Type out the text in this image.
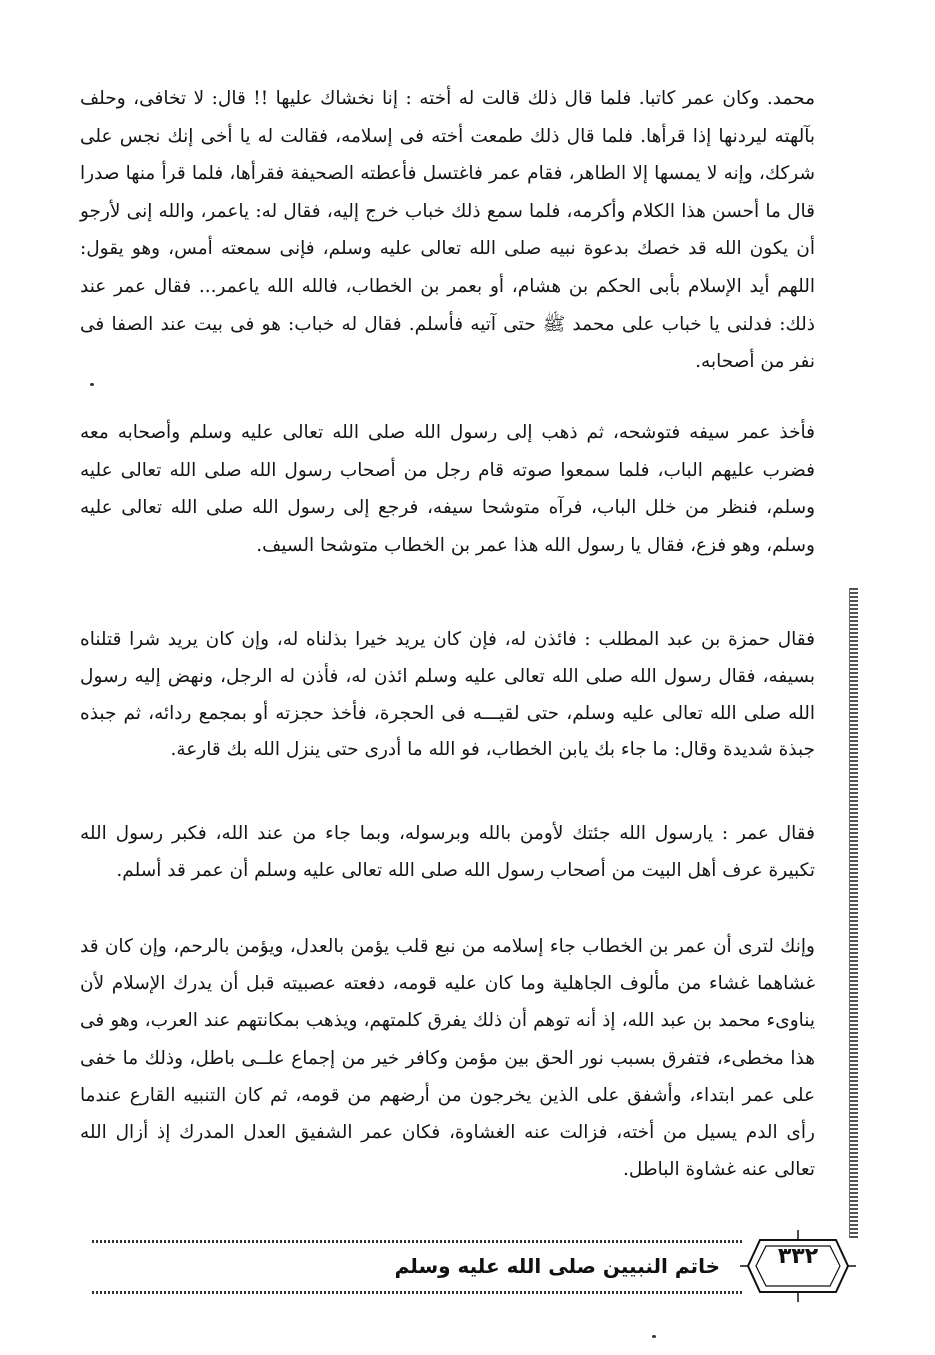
محمد. وكان عمر كاتبا. فلما قال ذلك قالت له أخته : إنا نخشاك عليها !! قال: لا تخافى، وحلف بآلهته ليردنها إذا قرأها. فلما قال ذلك طمعت أخته فى إسلامه، فقالت له يا أخى إنك نجس على شركك، وإنه لا يمسها إلا الطاهر، فقام عمر فاغتسل فأعطته الصحيفة فقرأها، فلما قرأ منها صدرا قال ما أحسن هذا الكلام وأكرمه، فلما سمع ذلك خباب خرج إليه، فقال له: ياعمر، والله إنى لأرجو أن يكون الله قد خصك بدعوة نبيه صلى الله تعالى عليه وسلم، فإنى سمعته أمس، وهو يقول: اللهم أيد الإسلام بأبى الحكم بن هشام، أو بعمر بن الخطاب، فالله الله ياعمر... فقال عمر عند ذلك: فدلنى يا خباب على محمد ﷺ حتى آتيه فأسلم. فقال له خباب: هو فى بيت عند الصفا فى نفر من أصحابه.

فأخذ عمر سيفه فتوشحه، ثم ذهب إلى رسول الله صلى الله تعالى عليه وسلم وأصحابه معه فضرب عليهم الباب، فلما سمعوا صوته قام رجل من أصحاب رسول الله صلى الله تعالى عليه وسلم، فنظر من خلل الباب، فرآه متوشحا سيفه، فرجع إلى رسول الله صلى الله تعالى عليه وسلم، وهو فزع، فقال يا رسول الله هذا عمر بن الخطاب متوشحا السيف.

فقال حمزة بن عبد المطلب : فائذن له، فإن كان يريد خيرا بذلناه له، وإن كان يريد شرا قتلناه بسيفه، فقال رسول الله صلى الله تعالى عليه وسلم ائذن له، فأذن له الرجل، ونهض إليه رسول الله صلى الله تعالى عليه وسلم، حتى لقيـــه فى الحجرة، فأخذ حجزته أو بمجمع ردائه، ثم جبذه جبذة شديدة وقال: ما جاء بك يابن الخطاب، فو الله ما أدرى حتى ينزل الله بك قارعة.

فقال عمر : يارسول الله جئتك لأومن بالله وبرسوله، وبما جاء من عند الله، فكبر رسول الله تكبيرة عرف أهل البيت من أصحاب رسول الله صلى الله تعالى عليه وسلم أن عمر قد أسلم.

وإنك لترى أن عمر بن الخطاب جاء إسلامه من نبع قلب يؤمن بالعدل، ويؤمن بالرحم، وإن كان قد غشاهما غشاء من مألوف الجاهلية وما كان عليه قومه، دفعته عصبيته قبل أن يدرك الإسلام لأن يناوىء محمد بن عبد الله، إذ أنه توهم أن ذلك يفرق كلمتهم، ويذهب بمكانتهم عند العرب، وهو فى هذا مخطىء، فتفرق بسبب نور الحق بين مؤمن وكافر خير من إجماع علــى باطل، وذلك ما خفى على عمر ابتداء، وأشفق على الذين يخرجون من أرضهم من قومه، ثم كان التنبيه القارع عندما رأى الدم يسيل من أخته، فزالت عنه الغشاوة، فكان عمر الشفيق العدل المدرك إذ أزال الله تعالى عنه غشاوة الباطل.

خاتم النبيين صلى الله عليه وسلم	٣٣٢
